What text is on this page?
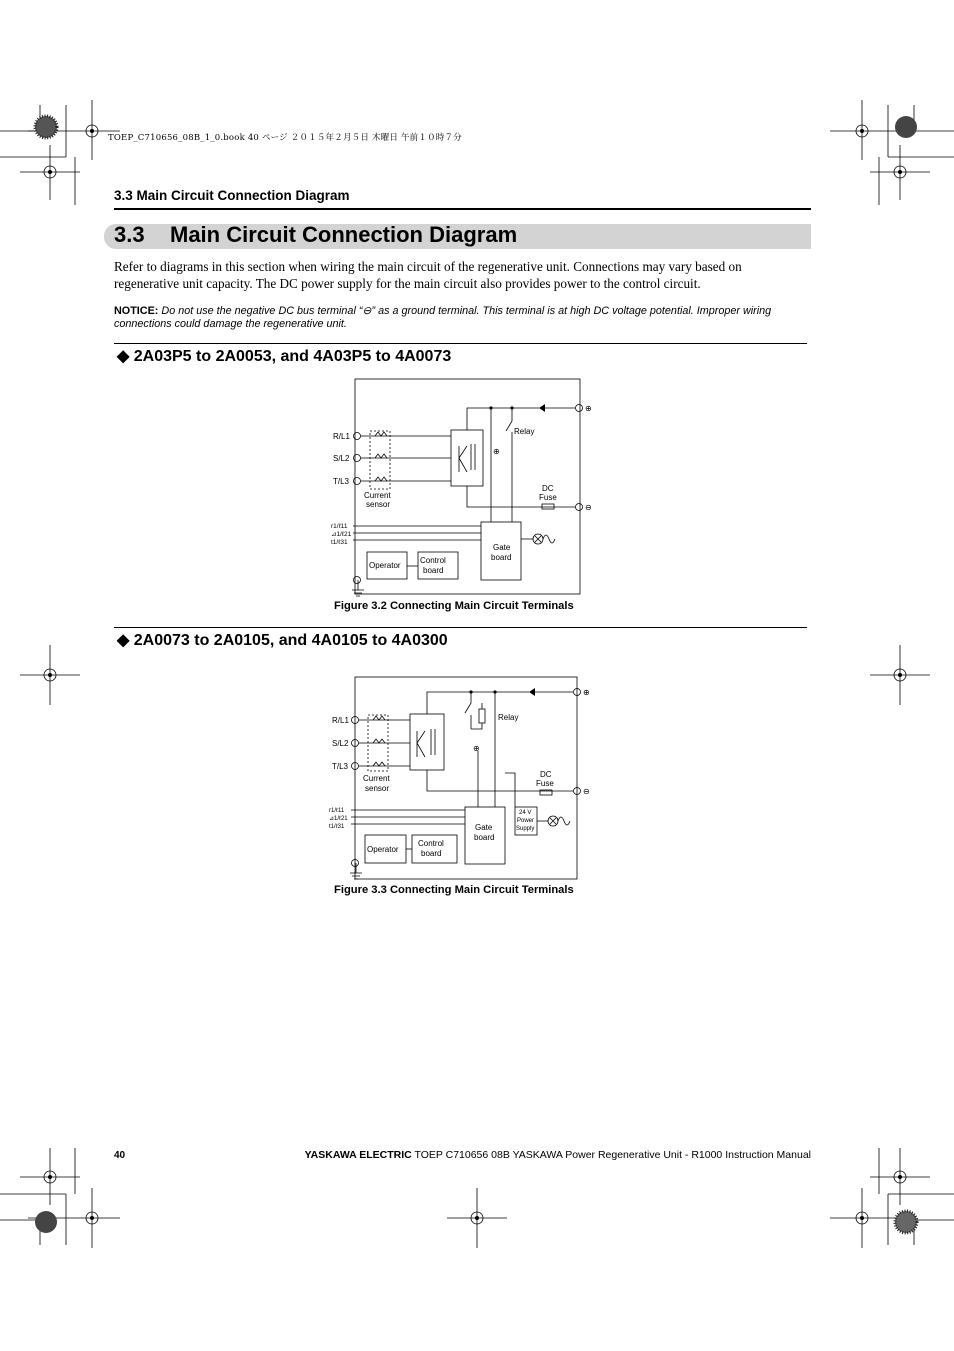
TOEP_C710656_08B_1_0.book 40 ページ ２０１５年２月５日 木曜日 午前１０時７分
3.3 Main Circuit Connection Diagram
3.3 Main Circuit Connection Diagram
Refer to diagrams in this section when wiring the main circuit of the regenerative unit. Connections may vary based on regenerative unit capacity. The DC power supply for the main circuit also provides power to the control circuit.
NOTICE: Do not use the negative DC bus terminal “⊖” as a ground terminal. This terminal is at high DC voltage potential. Improper wiring connections could damage the regenerative unit.
◆ 2A03P5 to 2A0053, and 4A03P5 to 4A0073
R/L1
S/L2
T/L3
Current
sensor
Relay
DC
Fuse
Gate
board
Operator
Control
board
⊕
⊖
⊕
r1/ℓ11
⊿1/ℓ21
t1/ℓ31
Figure 3.2 Connecting Main Circuit Terminals
◆ 2A0073 to 2A0105, and 4A0105 to 4A0300
R/L1
S/L2
T/L3
Current
sensor
Relay
DC
Fuse
Gate
board
Operator
Control
board
⊕
⊖
⊕
r1/ℓ11
⊿1/ℓ21
t1/ℓ31
24 V
Power
Supply
Figure 3.3 Connecting Main Circuit Terminals
40	YASKAWA ELECTRIC TOEP C710656 08B YASKAWA Power Regenerative Unit - R1000 Instruction Manual
